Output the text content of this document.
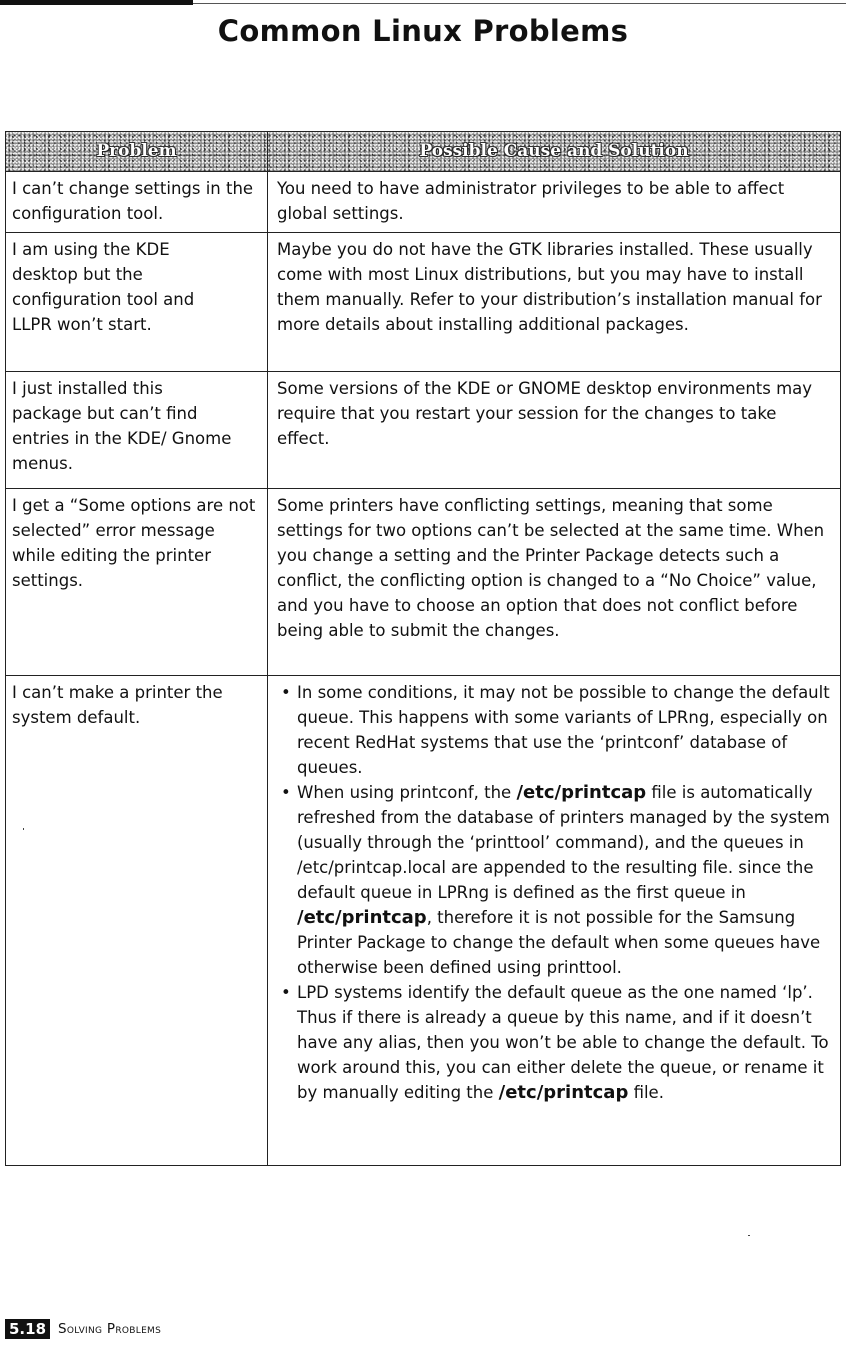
Common Linux Problems
Problem	Possible Cause and Solution
I can’t change settings in the configuration tool.
You need to have administrator privileges to be able to affect global settings.
I am using the KDE desktop but the configuration tool and LLPR won’t start.
Maybe you do not have the GTK libraries installed. These usually come with most Linux distributions, but you may have to install them manually. Refer to your distribution’s installation manual for more details about installing additional packages.
I just installed this package but can’t find entries in the KDE/ Gnome menus.
Some versions of the KDE or GNOME desktop environments may require that you restart your session for the changes to take effect.
I get a “Some options are not selected” error message while editing the printer settings.
Some printers have conflicting settings, meaning that some settings for two options can’t be selected at the same time. When you change a setting and the Printer Package detects such a conflict, the conflicting option is changed to a “No Choice” value, and you have to choose an option that does not conflict before being able to submit the changes.
I can’t make a printer the system default.
• In some conditions, it may not be possible to change the default queue. This happens with some variants of LPRng, especially on recent RedHat systems that use the ‘printconf’ database of queues.
• When using printconf, the /etc/printcap file is automatically refreshed from the database of printers managed by the system (usually through the ‘printtool’ command), and the queues in /etc/printcap.local are appended to the resulting file. since the default queue in LPRng is defined as the first queue in /etc/printcap, therefore it is not possible for the Samsung Printer Package to change the default when some queues have otherwise been defined using printtool.
• LPD systems identify the default queue as the one named ‘lp’. Thus if there is already a queue by this name, and if it doesn’t have any alias, then you won’t be able to change the default. To work around this, you can either delete the queue, or rename it by manually editing the /etc/printcap file.
5.18 Solving Problems
